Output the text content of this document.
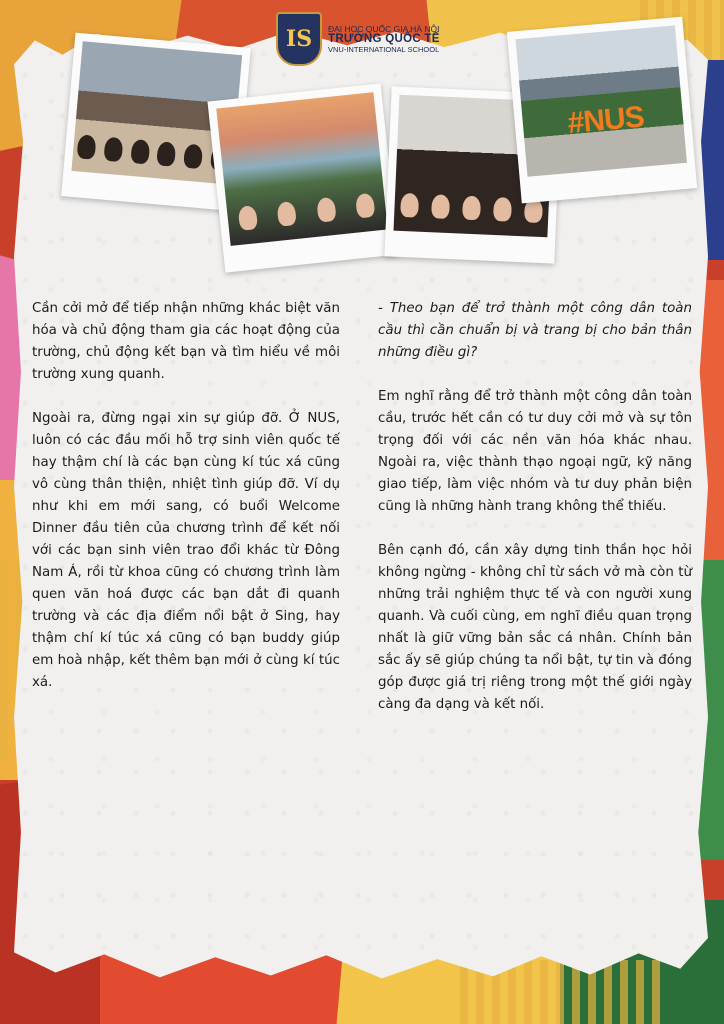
IS ĐẠI HỌC QUỐC GIA HÀ NỘI
TRƯỜNG QUỐC TẾ
VNU-INTERNATIONAL SCHOOL
#NUS

Cần cởi mở để tiếp nhận những khác biệt văn hóa và chủ động tham gia các hoạt động của trường, chủ động kết bạn và tìm hiểu về môi trường xung quanh.

Ngoài ra, đừng ngại xin sự giúp đỡ. Ở NUS, luôn có các đầu mối hỗ trợ sinh viên quốc tế hay thậm chí là các bạn cùng kí túc xá cũng vô cùng thân thiện, nhiệt tình giúp đỡ. Ví dụ như khi em mới sang, có buổi Welcome Dinner đầu tiên của chương trình để kết nối với các bạn sinh viên trao đổi khác từ Đông Nam Á, rồi từ khoa cũng có chương trình làm quen văn hoá được các bạn dắt đi quanh trường và các địa điểm nổi bật ở Sing, hay thậm chí kí túc xá cũng có bạn buddy giúp em hoà nhập, kết thêm bạn mới ở cùng kí túc xá.

- Theo bạn để trở thành một công dân toàn cầu thì cần chuẩn bị và trang bị cho bản thân những điều gì?

Em nghĩ rằng để trở thành một công dân toàn cầu, trước hết cần có tư duy cởi mở và sự tôn trọng đối với các nền văn hóa khác nhau. Ngoài ra, việc thành thạo ngoại ngữ, kỹ năng giao tiếp, làm việc nhóm và tư duy phản biện cũng là những hành trang không thể thiếu.

Bên cạnh đó, cần xây dựng tinh thần học hỏi không ngừng - không chỉ từ sách vở mà còn từ những trải nghiệm thực tế và con người xung quanh. Và cuối cùng, em nghĩ điều quan trọng nhất là giữ vững bản sắc cá nhân. Chính bản sắc ấy sẽ giúp chúng ta nổi bật, tự tin và đóng góp được giá trị riêng trong một thế giới ngày càng đa dạng và kết nối.
